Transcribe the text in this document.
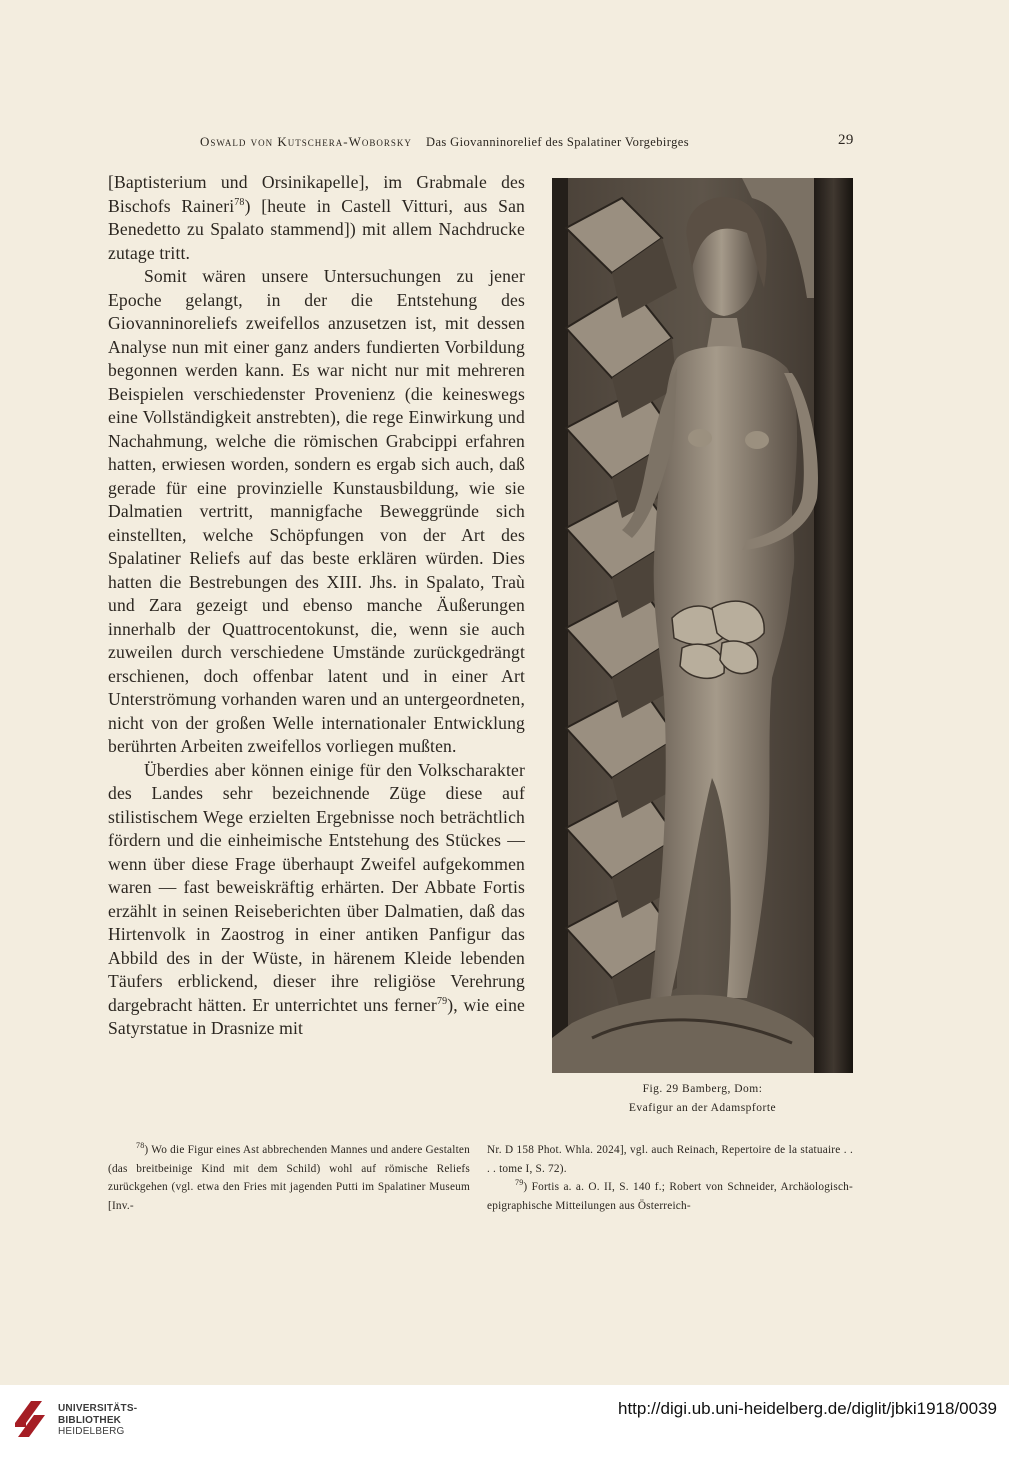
Oswald von Kutschera-Woborsky Das Giovanninorelief des Spalatiner Vorgebirges	29

[Baptisterium und Orsinikapelle], im Grabmale des Bischofs Raineri$^{78}$) [heute in Castell Vitturi, aus San Benedetto zu Spalato stammend]) mit allem Nachdrucke zutage tritt.

Somit wären unsere Untersuchungen zu jener Epoche gelangt, in der die Entstehung des Giovanninoreliefs zweifellos anzusetzen ist, mit dessen Analyse nun mit einer ganz anders fundierten Vorbildung begonnen werden kann. Es war nicht nur mit mehreren Beispielen verschiedenster Provenienz (die keineswegs eine Vollständigkeit anstrebten), die rege Einwirkung und Nachahmung, welche die römischen Grabcippi erfahren hatten, erwiesen worden, sondern es ergab sich auch, daß gerade für eine provinzielle Kunstausbildung, wie sie Dalmatien vertritt, mannigfache Beweggründe sich einstellten, welche Schöpfungen von der Art des Spalatiner Reliefs auf das beste erklären würden. Dies hatten die Bestrebungen des XIII. Jhs. in Spalato, Traù und Zara gezeigt und ebenso manche Äußerungen innerhalb der Quattrocentokunst, die, wenn sie auch zuweilen durch verschiedene Umstände zurückgedrängt erschienen, doch offenbar latent und in einer Art Unterströmung vorhanden waren und an untergeordneten, nicht von der großen Welle internationaler Entwicklung berührten Arbeiten zweifellos vorliegen mußten.

Überdies aber können einige für den Volkscharakter des Landes sehr bezeichnende Züge diese auf stilistischem Wege erzielten Ergebnisse noch beträchtlich fördern und die einheimische Entstehung des Stückes — wenn über diese Frage überhaupt Zweifel aufgekommen waren — fast beweiskräftig erhärten. Der Abbate Fortis erzählt in seinen Reiseberichten über Dalmatien, daß das Hirtenvolk in Zaostrog in einer antiken Panfigur das Abbild des in der Wüste, in härenem Kleide lebenden Täufers erblickend, dieser ihre religiöse Verehrung dargebracht hätten. Er unterrichtet uns ferner$^{79}$), wie eine Satyrstatue in Drasnize mit

Fig. 29 Bamberg, Dom:
Evafigur an der Adamspforte

$^{78}$) Wo die Figur eines Ast abbrechenden Mannes und andere Gestalten (das breitbeinige Kind mit dem Schild) wohl auf römische Reliefs zurückgehen (vgl. etwa den Fries mit jagenden Putti im Spalatiner Museum [Inv.-

Nr. D 158 Phot. Whla. 2024], vgl. auch Reinach, Repertoire de la statuaire . . . . tome I, S. 72).

$^{79}$) Fortis a. a. O. II, S. 140 f.; Robert von Schneider, Archäologisch-epigraphische Mitteilungen aus Österreich-

UNIVERSITÄTS-
BIBLIOTHEK
HEIDELBERG
http://digi.ub.uni-heidelberg.de/diglit/jbki1918/0039
